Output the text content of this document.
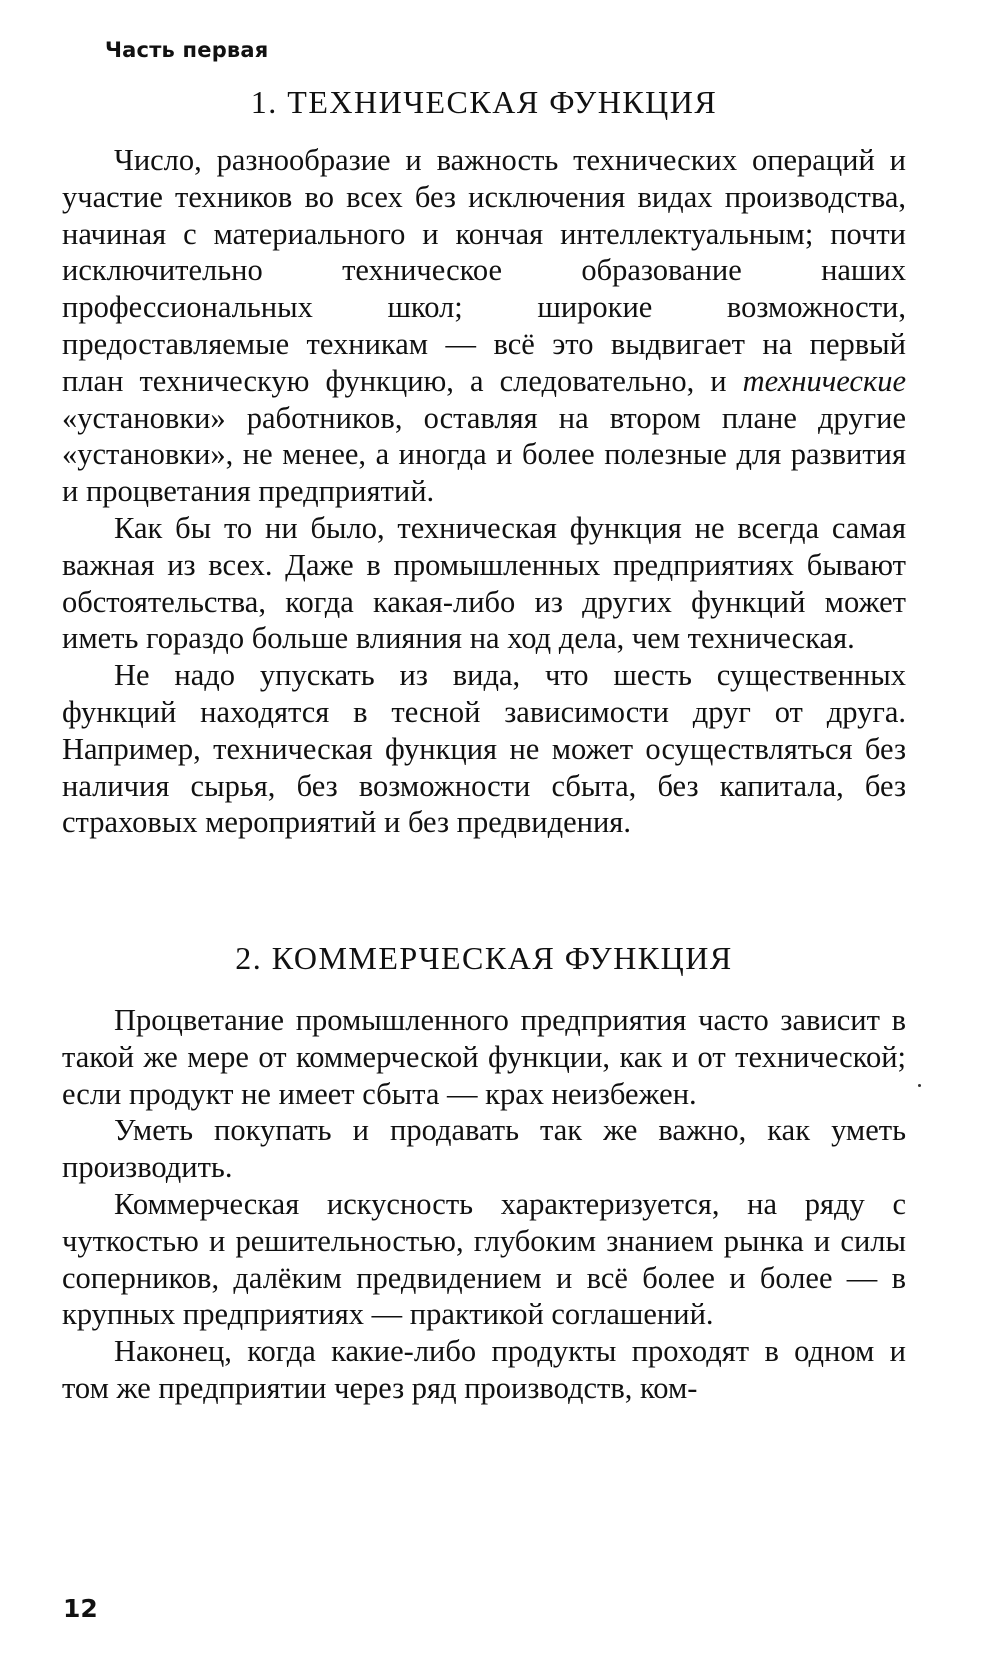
Часть первая
1. ТЕХНИЧЕСКАЯ ФУНКЦИЯ

Число, разнообразие и важность технических операций и участие техников во всех без исключения видах производства, начиная с материального и кончая интеллектуальным; почти исключительно техническое образование наших профессиональных школ; широкие возможности, предоставляемые техникам — всё это выдвигает на первый план техническую функцию, а следовательно, и технические «установки» работников, оставляя на втором плане другие «установки», не менее, а иногда и более полезные для развития и процветания предприятий.

Как бы то ни было, техническая функция не всегда самая важная из всех. Даже в промышленных предприятиях бывают обстоятельства, когда какая-либо из других функций может иметь гораздо больше влияния на ход дела, чем техническая.

Не надо упускать из вида, что шесть существенных функций находятся в тесной зависимости друг от друга. Например, техническая функция не может осуществляться без наличия сырья, без возможности сбыта, без капитала, без страховых мероприятий и без предвидения.

2. КОММЕРЧЕСКАЯ ФУНКЦИЯ

Процветание промышленного предприятия часто зависит в такой же мере от коммерческой функции, как и от технической; если продукт не имеет сбыта — крах неизбежен.

Уметь покупать и продавать так же важно, как уметь производить.

Коммерческая искусность характеризуется, на ряду с чуткостью и решительностью, глубоким знанием рынка и силы соперников, далёким предвидением и всё более и более — в крупных предприятиях — практикой соглашений.

Наконец, когда какие-либо продукты проходят в одном и том же предприятии через ряд производств, ком-

12
